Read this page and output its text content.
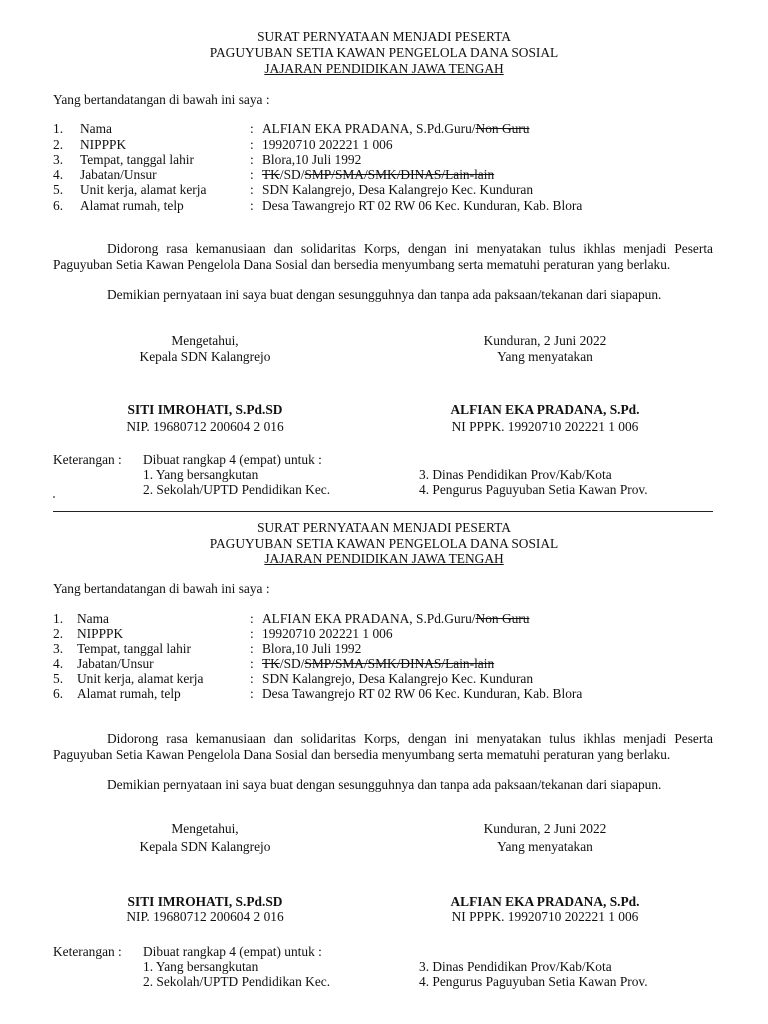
SURAT PERNYATAAN MENJADI PESERTA
PAGUYUBAN SETIA KAWAN PENGELOLA DANA SOSIAL
JAJARAN PENDIDIKAN JAWA TENGAH
Yang bertandatangan di bawah ini saya :
1. Nama	: ALFIAN EKA PRADANA, S.Pd.Guru/Non Guru
2. NIPPPK	: 19920710 202221 1 006
3. Tempat, tanggal lahir	: Blora,10 Juli 1992
4. Jabatan/Unsur	: TK/SD/SMP/SMA/SMK/DINAS/Lain-lain
5. Unit kerja, alamat kerja	: SDN Kalangrejo, Desa Kalangrejo Kec. Kunduran
6. Alamat rumah, telp	: Desa Tawangrejo RT 02 RW 06 Kec. Kunduran, Kab. Blora
Didorong rasa kemanusiaan dan solidaritas Korps, dengan ini menyatakan tulus ikhlas menjadi Peserta Paguyuban Setia Kawan Pengelola Dana Sosial dan bersedia menyumbang serta mematuhi peraturan yang berlaku.
Demikian pernyataan ini saya buat dengan sesungguhnya dan tanpa ada paksaan/tekanan dari siapapun.
Mengetahui,
Kepala SDN Kalangrejo
SITI IMROHATI, S.Pd.SD
NIP. 19680712 200604 2 016
Kunduran, 2 Juni 2022
Yang menyatakan
ALFIAN EKA PRADANA, S.Pd.
NI PPPK. 19920710 202221 1 006
Keterangan : Dibuat rangkap 4 (empat) untuk :
1. Yang bersangkutan
2. Sekolah/UPTD Pendidikan Kec.
3. Dinas Pendidikan Prov/Kab/Kota
4. Pengurus Paguyuban Setia Kawan Prov.
SURAT PERNYATAAN MENJADI PESERTA
PAGUYUBAN SETIA KAWAN PENGELOLA DANA SOSIAL
JAJARAN PENDIDIKAN JAWA TENGAH
Yang bertandatangan di bawah ini saya :
1. Nama	: ALFIAN EKA PRADANA, S.Pd.Guru/Non Guru
2. NIPPPK	: 19920710 202221 1 006
3. Tempat, tanggal lahir	: Blora,10 Juli 1992
4. Jabatan/Unsur	: TK/SD/SMP/SMA/SMK/DINAS/Lain-lain
5. Unit kerja, alamat kerja	: SDN Kalangrejo, Desa Kalangrejo Kec. Kunduran
6. Alamat rumah, telp	: Desa Tawangrejo RT 02 RW 06 Kec. Kunduran, Kab. Blora
Didorong rasa kemanusiaan dan solidaritas Korps, dengan ini menyatakan tulus ikhlas menjadi Peserta Paguyuban Setia Kawan Pengelola Dana Sosial dan bersedia menyumbang serta mematuhi peraturan yang berlaku.
Demikian pernyataan ini saya buat dengan sesungguhnya dan tanpa ada paksaan/tekanan dari siapapun.
Mengetahui,
Kepala SDN Kalangrejo
SITI IMROHATI, S.Pd.SD
NIP. 19680712 200604 2 016
Kunduran, 2 Juni 2022
Yang menyatakan
ALFIAN EKA PRADANA, S.Pd.
NI PPPK. 19920710 202221 1 006
Keterangan : Dibuat rangkap 4 (empat) untuk :
1. Yang bersangkutan
2. Sekolah/UPTD Pendidikan Kec.
3. Dinas Pendidikan Prov/Kab/Kota
4. Pengurus Paguyuban Setia Kawan Prov.
